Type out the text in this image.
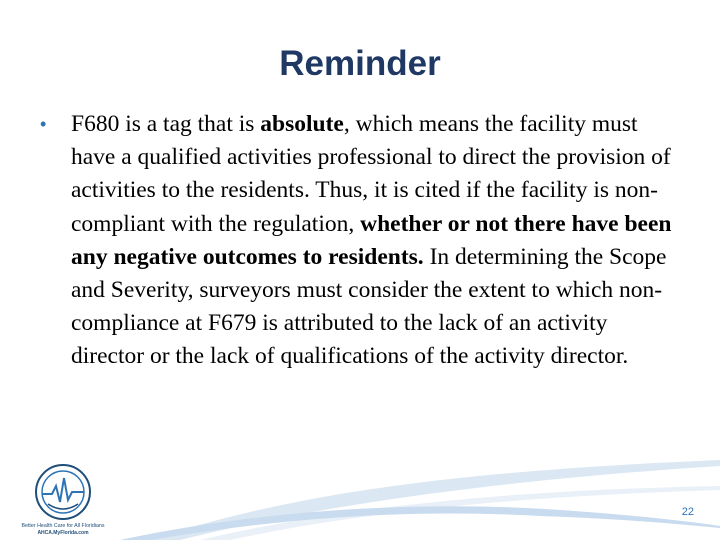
Reminder
•	F680 is a tag that is absolute, which means the facility must have a qualified activities professional to direct the provision of activities to the residents. Thus, it is cited if the facility is non-compliant with the regulation, whether or not there have been any negative outcomes to residents. In determining the Scope and Severity, surveyors must consider the extent to which non-compliance at F679 is attributed to the lack of an activity director or the lack of qualifications of the activity director.
Better Health Care for All Floridians
AHCA.MyFlorida.com
22
